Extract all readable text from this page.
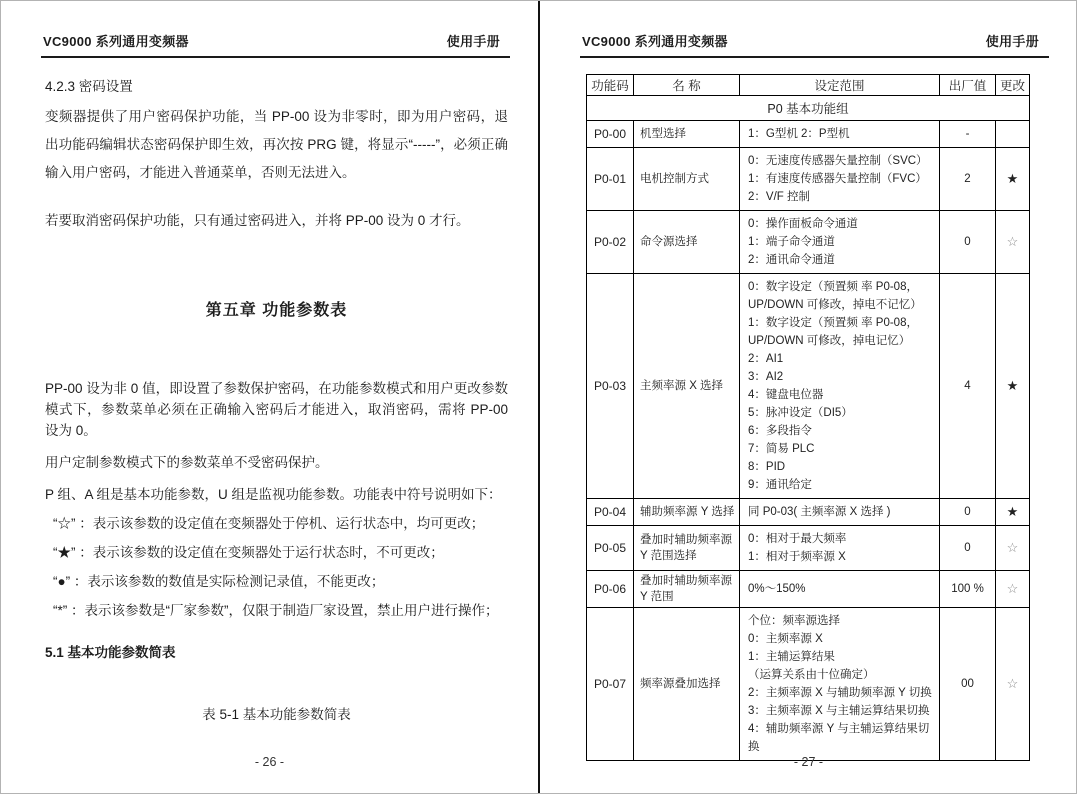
VC9000 系列通用变频器	使用手册

4.2.3 密码设置

变频器提供了用户密码保护功能，当 PP-00 设为非零时，即为用户密码，退出功能码编辑状态密码保护即生效，再次按 PRG 键，将显示“-----”，必须正确输入用户密码，才能进入普通菜单，否则无法进入。

若要取消密码保护功能，只有通过密码进入，并将 PP-00 设为 0 才行。

第五章 功能参数表

PP-00 设为非 0 值，即设置了参数保护密码，在功能参数模式和用户更改参数模式下，参数菜单必须在正确输入密码后才能进入，取消密码，需将 PP-00 设为 0。

用户定制参数模式下的参数菜单不受密码保护。

P 组、A 组是基本功能参数，U 组是监视功能参数。功能表中符号说明如下：

“☆” ：表示该参数的设定值在变频器处于停机、运行状态中，均可更改；

“★” ：表示该参数的设定值在变频器处于运行状态时，不可更改；

“●” ：表示该参数的数值是实际检测记录值，不能更改；

“*” ：表示该参数是“厂家参数”，仅限于制造厂家设置，禁止用户进行操作；

5.1 基本功能参数简表

表 5-1 基本功能参数简表

- 26 -
VC9000 系列通用变频器	使用手册
功能码	名 称	设定范围	出厂值	更改
P0 基本功能组				
P0-00	机型选择	1：G型机 2：P型机	-	
P0-01	电机控制方式	0：无速度传感器矢量控制（SVC）
1：有速度传感器矢量控制（FVC）
2：V/F 控制	2	★
P0-02	命令源选择	0：操作面板命令通道
1：端子命令通道
2：通讯命令通道	0	☆
P0-03	主频率源 X 选择	
0：数字设定（预置频 率 P0-08，
UP/DOWN 可修改，掉电不记忆）
1：数字设定（预置频 率 P0-08，
UP/DOWN 可修改，掉电记忆）
2：AI1
3：AI2
4：键盘电位器
5：脉冲设定（DI5）
6：多段指令
7：简易 PLC
8：PID
9：通讯给定
	4	★
P0-04	辅助频率源 Y 选择	同 P0-03( 主频率源 X 选择 )	0	★
P0-05	叠加时辅助频率源 Y 范围选择	0：相对于最大频率
1：相对于频率源 X	0	☆
P0-06	叠加时辅助频率源 Y 范围	0%～150%	100 %	☆
P0-07	频率源叠加选择	
个位：频率源选择
0：主频率源 X
1：主辅运算结果
（运算关系由十位确定）
2：主频率源 X 与辅助频率源 Y 切换
3：主频率源 X 与主辅运算结果切换
4：辅助频率源 Y 与主辅运算结果切换
	00	☆
- 27 -
